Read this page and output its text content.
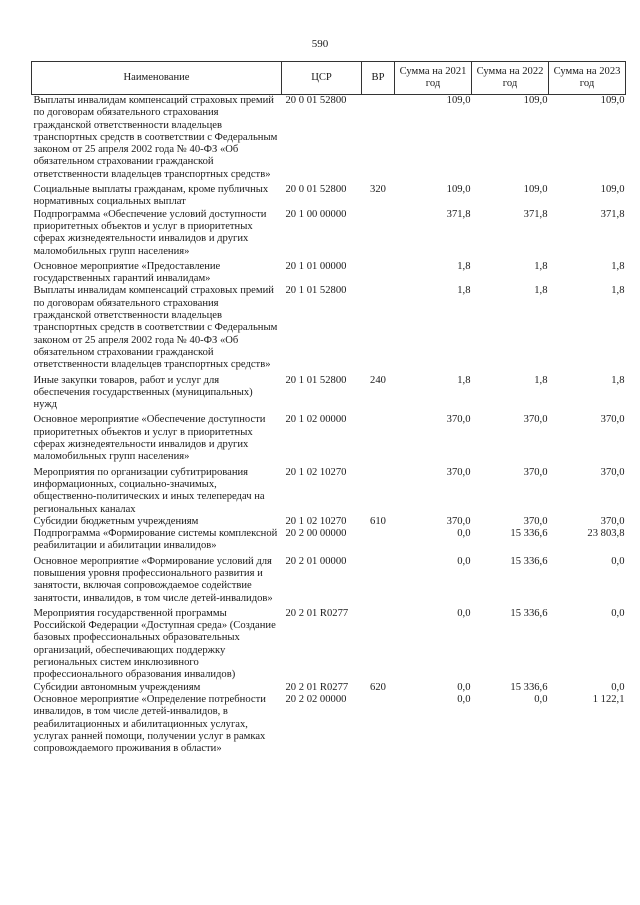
590
Наименование	ЦСР	ВР	Сумма на 2021 год	Сумма на 2022 год	Сумма на 2023 год
Выплаты инвалидам компенсаций страховых премий по договорам обязательного страхования гражданской ответственности владельцев транспортных средств в соответствии с Федеральным законом от 25 апреля 2002 года № 40-ФЗ «Об обязательном страховании гражданской ответственности владельцев транспортных средств»	20 0 01 52800		109,0	109,0	109,0
Социальные выплаты гражданам, кроме публичных нормативных социальных выплат	20 0 01 52800	320	109,0	109,0	109,0
Подпрограмма «Обеспечение условий доступности приоритетных объектов и услуг в приоритетных сферах жизнедеятельности инвалидов и других маломобильных групп населения»	20 1 00 00000		371,8	371,8	371,8
Основное мероприятие «Предоставление государственных гарантий инвалидам»	20 1 01 00000		1,8	1,8	1,8
Выплаты инвалидам компенсаций страховых премий по договорам обязательного страхования гражданской ответственности владельцев транспортных средств в соответствии с Федеральным законом от 25 апреля 2002 года № 40-ФЗ «Об обязательном страховании гражданской ответственности владельцев транспортных средств»	20 1 01 52800		1,8	1,8	1,8
Иные закупки товаров, работ и услуг для обеспечения государственных (муниципальных) нужд	20 1 01 52800	240	1,8	1,8	1,8
Основное мероприятие «Обеспечение доступности приоритетных объектов и услуг в приоритетных сферах жизнедеятельности инвалидов и других маломобильных групп населения»	20 1 02 00000		370,0	370,0	370,0
Мероприятия по организации субтитрирования информационных, социально-значимых, общественно-политических и иных телепередач на региональных каналах	20 1 02 10270		370,0	370,0	370,0
Субсидии бюджетным учреждениям	20 1 02 10270	610	370,0	370,0	370,0
Подпрограмма «Формирование системы комплексной реабилитации и абилитации инвалидов»	20 2 00 00000		0,0	15 336,6	23 803,8
Основное мероприятие «Формирование условий для повышения уровня профессионального развития и занятости, включая сопровождаемое содействие занятости, инвалидов, в том числе детей-инвалидов»	20 2 01 00000		0,0	15 336,6	0,0
Мероприятия государственной программы Российской Федерации «Доступная среда» (Создание базовых профессиональных образовательных организаций, обеспечивающих поддержку региональных систем инклюзивного профессионального образования инвалидов)	20 2 01 R0277		0,0	15 336,6	0,0
Субсидии автономным учреждениям	20 2 01 R0277	620	0,0	15 336,6	0,0
Основное мероприятие «Определение потребности инвалидов, в том числе детей-инвалидов, в реабилитационных и абилитационных услугах, услугах ранней помощи, получении услуг в рамках сопровождаемого проживания в области»	20 2 02 00000		0,0	0,0	1 122,1
